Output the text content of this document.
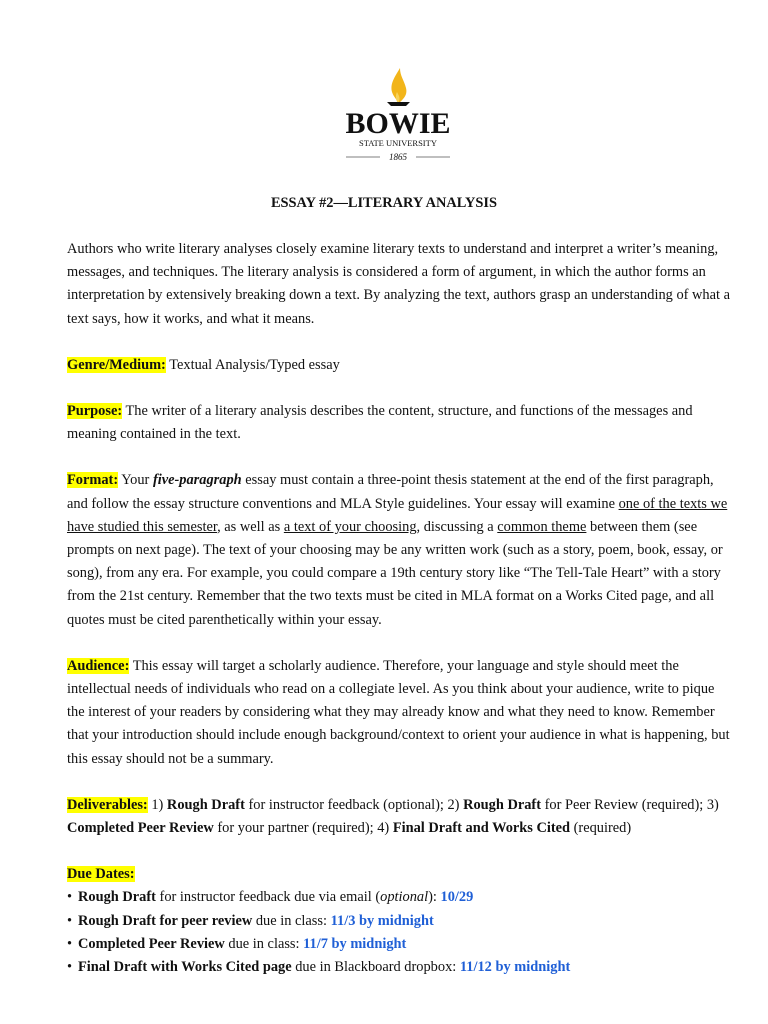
BOWIE
STATE UNIVERSITY
1865
ESSAY #2—LITERARY ANALYSIS

Authors who write literary analyses closely examine literary texts to understand and interpret a writer’s meaning, messages, and techniques. The literary analysis is considered a form of argument, in which the author forms an interpretation by extensively breaking down a text. By analyzing the text, authors grasp an understanding of what a text says, how it works, and what it means.

Genre/Medium: Textual Analysis/Typed essay

Purpose: The writer of a literary analysis describes the content, structure, and functions of the messages and meaning contained in the text.

Format: Your five-paragraph essay must contain a three-point thesis statement at the end of the first paragraph, and follow the essay structure conventions and MLA Style guidelines. Your essay will examine one of the texts we have studied this semester, as well as a text of your choosing, discussing a common theme between them (see prompts on next page). The text of your choosing may be any written work (such as a story, poem, book, essay, or song), from any era. For example, you could compare a 19th century story like “The Tell-Tale Heart” with a story from the 21st century. Remember that the two texts must be cited in MLA format on a Works Cited page, and all quotes must be cited parenthetically within your essay.

Audience: This essay will target a scholarly audience. Therefore, your language and style should meet the intellectual needs of individuals who read on a collegiate level. As you think about your audience, write to pique the interest of your readers by considering what they may already know and what they need to know. Remember that your introduction should include enough background/context to orient your audience in what is happening, but this essay should not be a summary.

Deliverables: 1) Rough Draft for instructor feedback (optional); 2) Rough Draft for Peer Review (required); 3) Completed Peer Review for your partner (required); 4) Final Draft and Works Cited (required)

Due Dates:
• Rough Draft for instructor feedback due via email (optional): 10/29
• Rough Draft for peer review due in class: 11/3 by midnight
• Completed Peer Review due in class: 11/7 by midnight
• Final Draft with Works Cited page due in Blackboard dropbox: 11/12 by midnight
